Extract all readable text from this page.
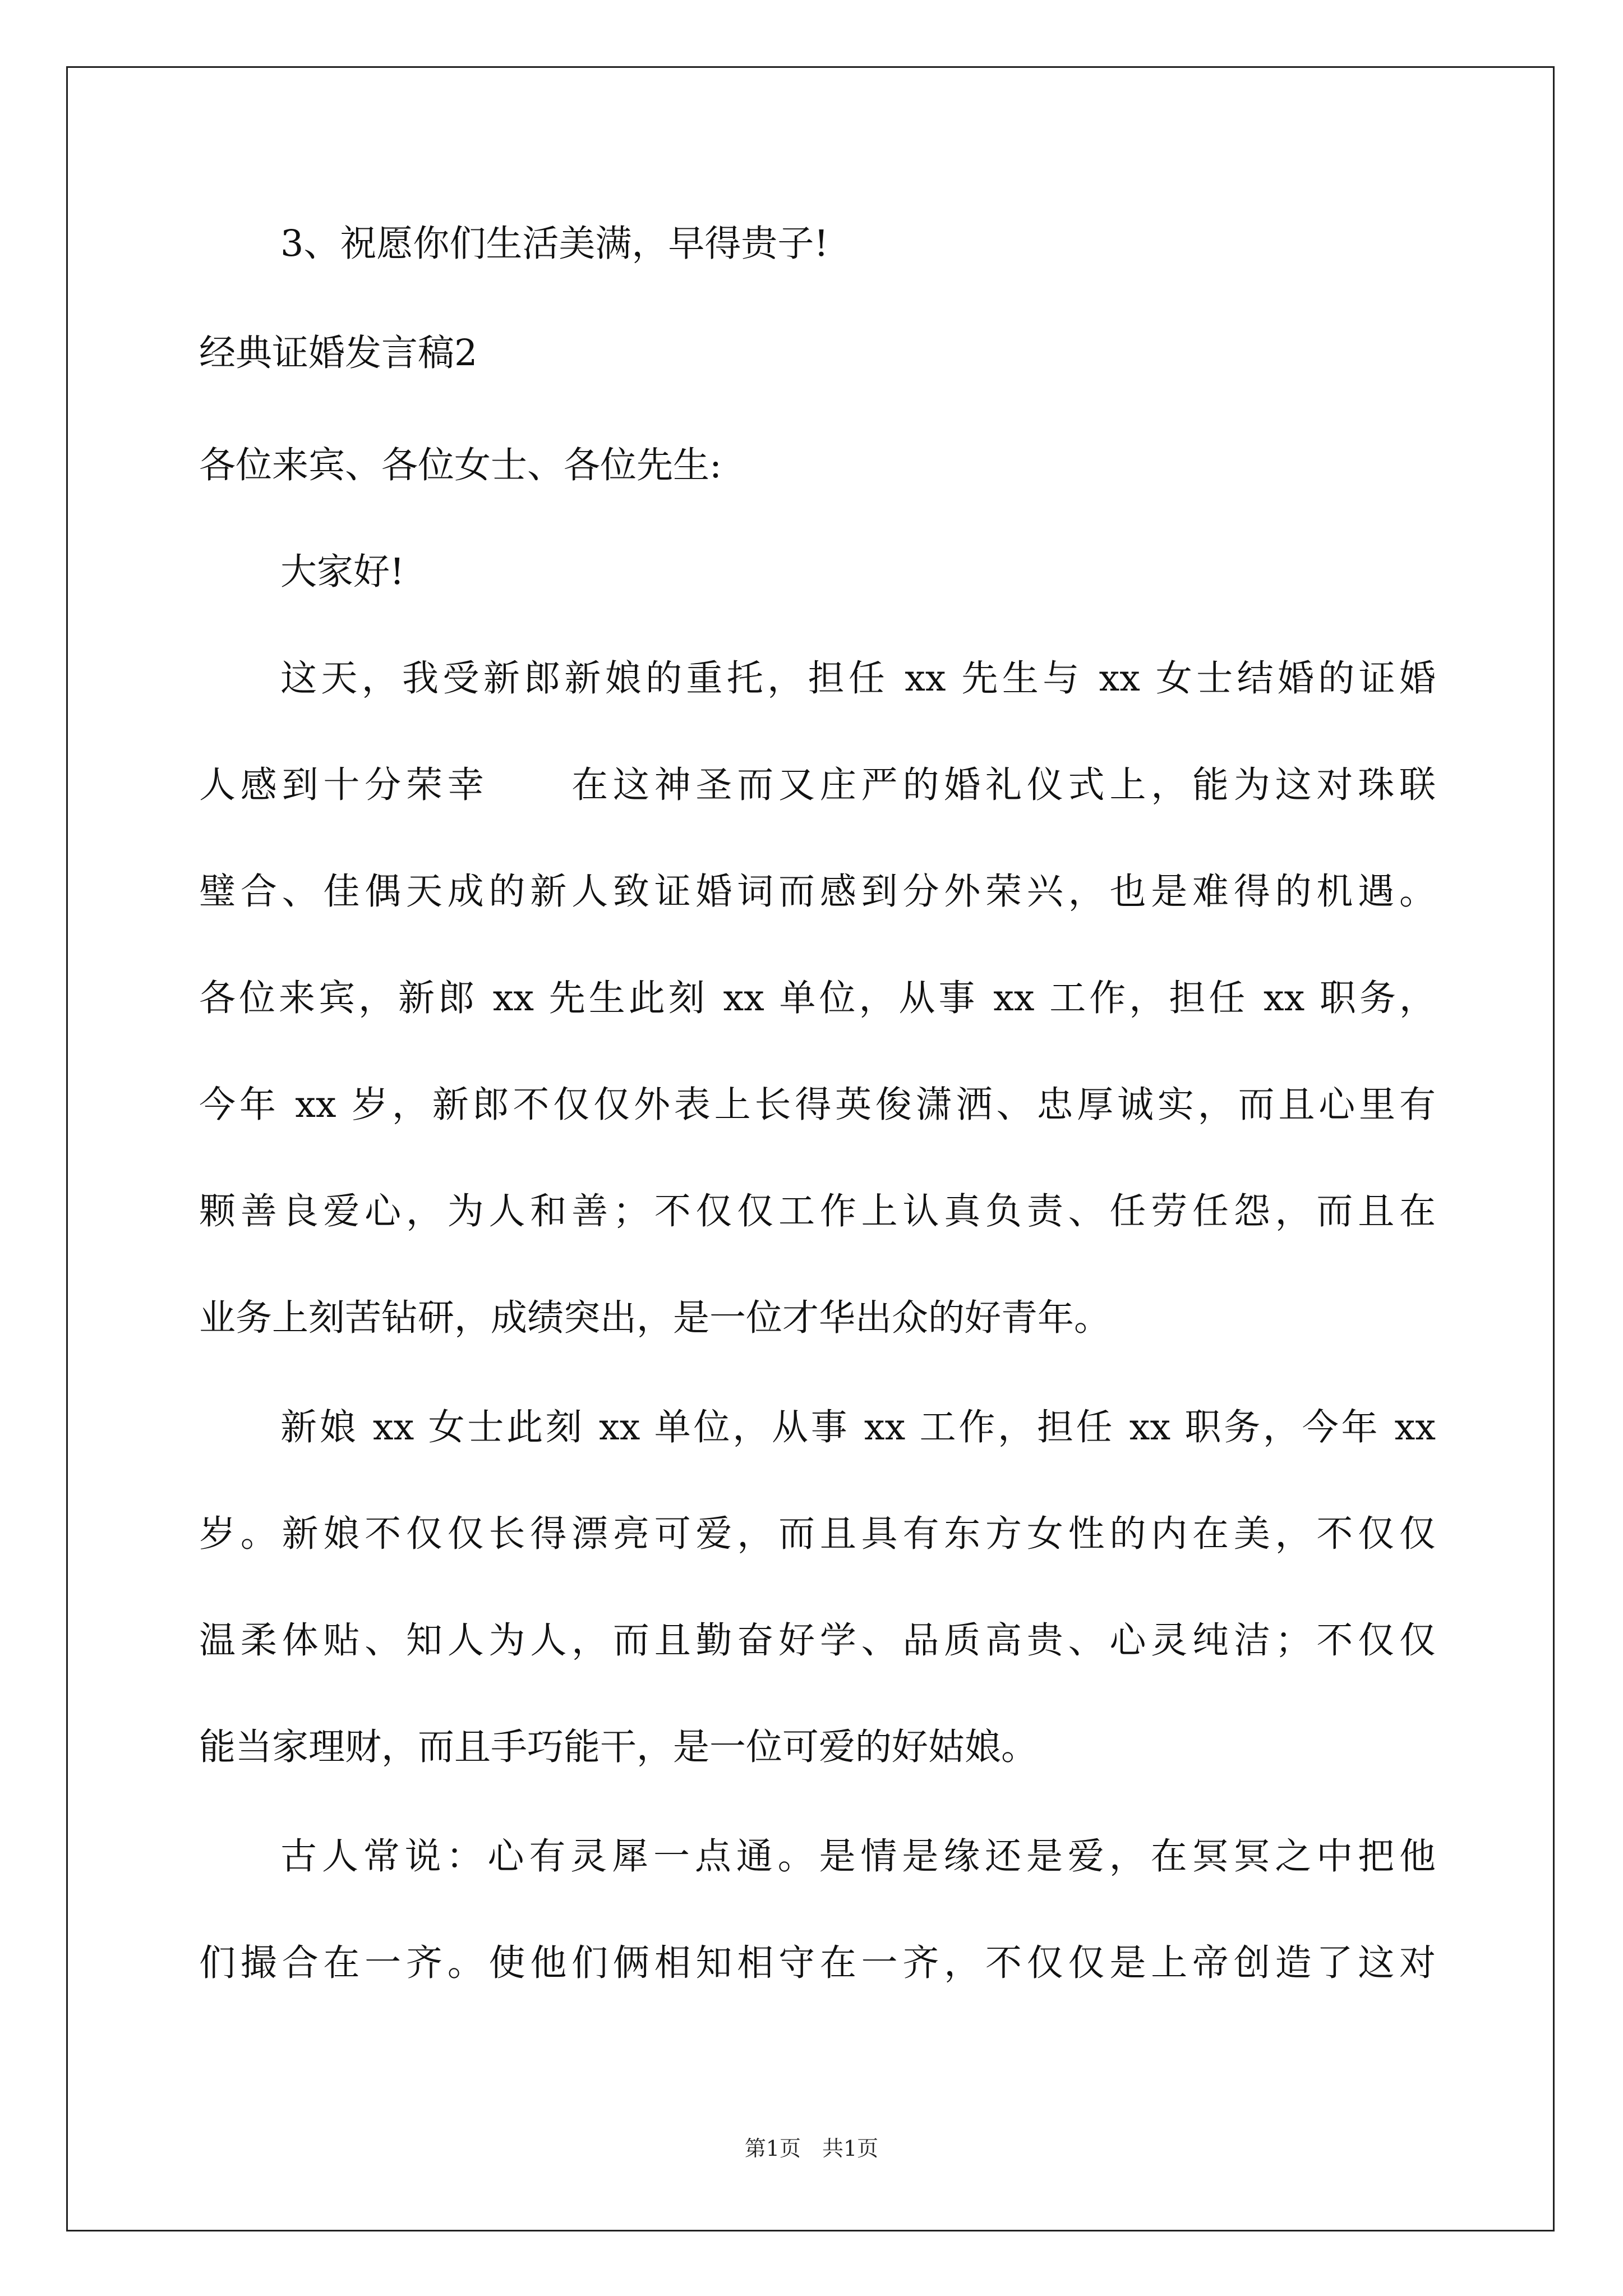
3、祝愿你们生活美满，早得贵子!
经典证婚发言稿2
各位来宾、各位女士、各位先生:
大家好!
这天，我受新郎新娘的重托，担任 xx 先生与 xx 女士结婚的证婚
人感到十分荣幸　　在这神圣而又庄严的婚礼仪式上，能为这对珠联
璧合、佳偶天成的新人致证婚词而感到分外荣兴，也是难得的机遇。
各位来宾，新郎 xx 先生此刻 xx 单位，从事 xx 工作，担任 xx 职务，
今年 xx 岁，新郎不仅仅外表上长得英俊潇洒、忠厚诚实，而且心里有
颗善良爱心，为人和善；不仅仅工作上认真负责、任劳任怨，而且在
业务上刻苦钻研，成绩突出，是一位才华出众的好青年。
新娘 xx 女士此刻 xx 单位，从事 xx 工作，担任 xx 职务，今年 xx
岁。新娘不仅仅长得漂亮可爱，而且具有东方女性的内在美，不仅仅
温柔体贴、知人为人，而且勤奋好学、品质高贵、心灵纯洁；不仅仅
能当家理财，而且手巧能干，是一位可爱的好姑娘。
古人常说：心有灵犀一点通。是情是缘还是爱，在冥冥之中把他
们撮合在一齐。使他们俩相知相守在一齐，不仅仅是上帝创造了这对
第1页　共1页
